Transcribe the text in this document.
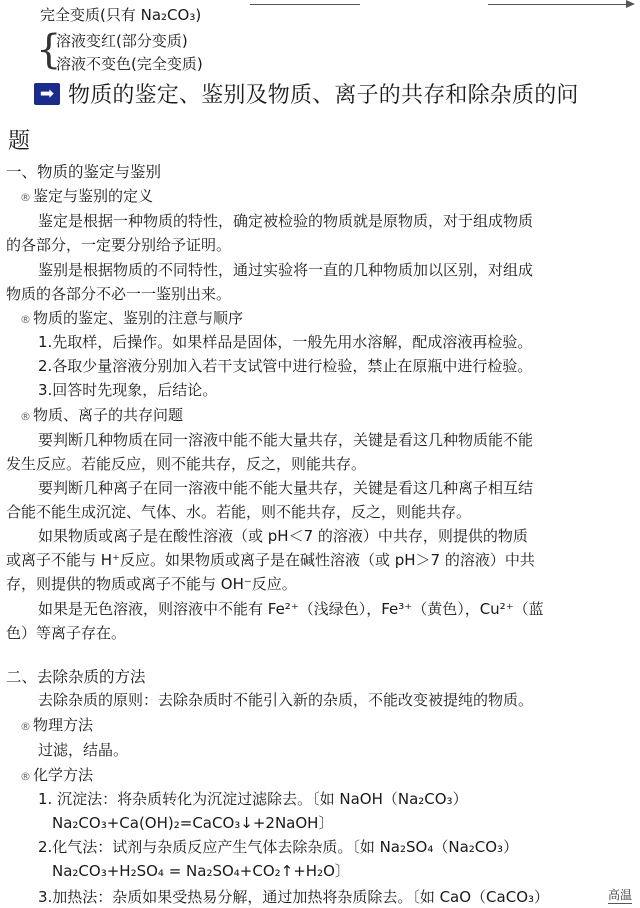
完全变质(只有 Na₂CO₃)
{
溶液变红(部分变质)
溶液不变色(完全变质)
➡ 物质的鉴定、鉴别及物质、离子的共存和除杂质的问
题
一、物质的鉴定与鉴别
® 鉴定与鉴别的定义
鉴定是根据一种物质的特性，确定被检验的物质就是原物质，对于组成物质
的各部分，一定要分别给予证明。
鉴别是根据物质的不同特性，通过实验将一直的几种物质加以区别，对组成
物质的各部分不必一一鉴别出来。
® 物质的鉴定、鉴别的注意与顺序
1.先取样，后操作。如果样品是固体，一般先用水溶解，配成溶液再检验。
2.各取少量溶液分别加入若干支试管中进行检验，禁止在原瓶中进行检验。
3.回答时先现象，后结论。
® 物质、离子的共存问题
要判断几种物质在同一溶液中能不能大量共存，关键是看这几种物质能不能
发生反应。若能反应，则不能共存，反之，则能共存。
要判断几种离子在同一溶液中能不能大量共存，关键是看这几种离子相互结
合能不能生成沉淀、气体、水。若能，则不能共存，反之，则能共存。
如果物质或离子是在酸性溶液（或 pH＜7 的溶液）中共存，则提供的物质
或离子不能与 H⁺反应。如果物质或离子是在碱性溶液（或 pH＞7 的溶液）中共
存，则提供的物质或离子不能与 OH⁻反应。
如果是无色溶液，则溶液中不能有 Fe²⁺（浅绿色），Fe³⁺（黄色），Cu²⁺（蓝
色）等离子存在。
二、去除杂质的方法
去除杂质的原则：去除杂质时不能引入新的杂质，不能改变被提纯的物质。
® 物理方法
过滤，结晶。
® 化学方法
1. 沉淀法：将杂质转化为沉淀过滤除去。〔如 NaOH（Na₂CO₃）
Na₂CO₃+Ca(OH)₂=CaCO₃↓+2NaOH〕
2.化气法：试剂与杂质反应产生气体去除杂质。〔如 Na₂SO₄（Na₂CO₃）
Na₂CO₃+H₂SO₄ = Na₂SO₄+CO₂↑+H₂O〕
3.加热法：杂质如果受热易分解，通过加热将杂质除去。〔如 CaO（CaCO₃）	高温
